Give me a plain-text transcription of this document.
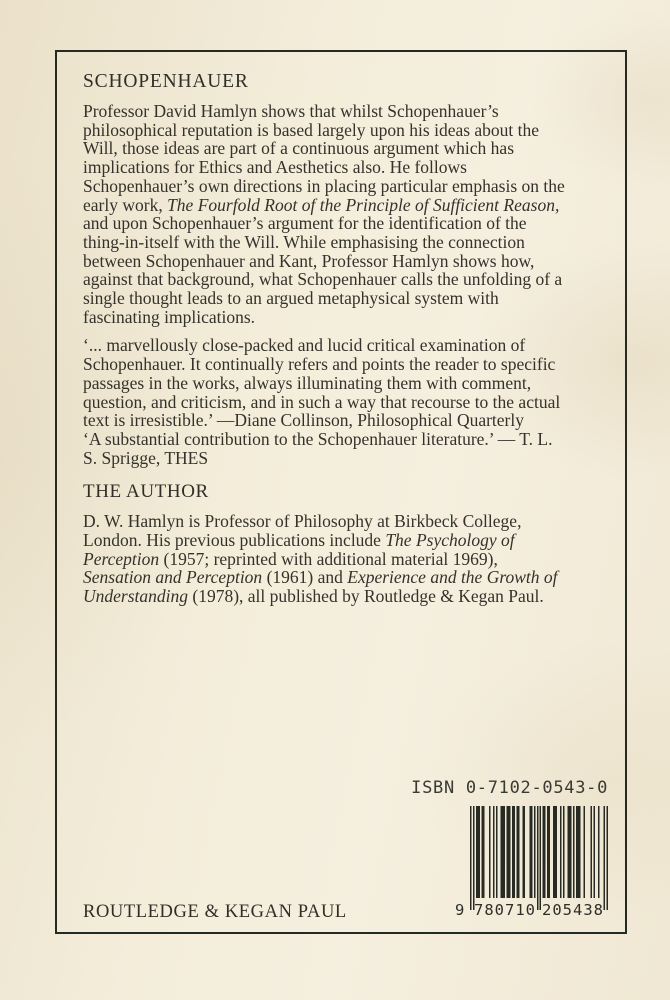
SCHOPENHAUER

Professor David Hamlyn shows that whilst Schopenhauer’s philosophical reputation is based largely upon his ideas about the Will, those ideas are part of a continuous argument which has implications for Ethics and Aesthetics also. He follows Schopenhauer’s own directions in placing particular emphasis on the early work, The Fourfold Root of the Principle of Sufficient Reason, and upon Schopenhauer’s argument for the identification of the thing-in-itself with the Will. While emphasising the connection between Schopenhauer and Kant, Professor Hamlyn shows how, against that background, what Schopenhauer calls the unfolding of a single thought leads to an argued metaphysical system with fascinating implications.

‘... marvellously close-packed and lucid critical examination of Schopenhauer. It continually refers and points the reader to specific passages in the works, always illuminating them with comment, question, and criticism, and in such a way that recourse to the actual text is irresistible.’ —Diane Collinson, Philosophical Quarterly
‘A substantial contribution to the Schopenhauer literature.’ — T. L. S. Sprigge, THES

THE AUTHOR

D. W. Hamlyn is Professor of Philosophy at Birkbeck College, London. His previous publications include The Psychology of Perception (1957; reprinted with additional material 1969), Sensation and Perception (1961) and Experience and the Growth of Understanding (1978), all published by Routledge & Kegan Paul.

ISBN 0-7102-0543-0
9 780710 205438
ROUTLEDGE & KEGAN PAUL
